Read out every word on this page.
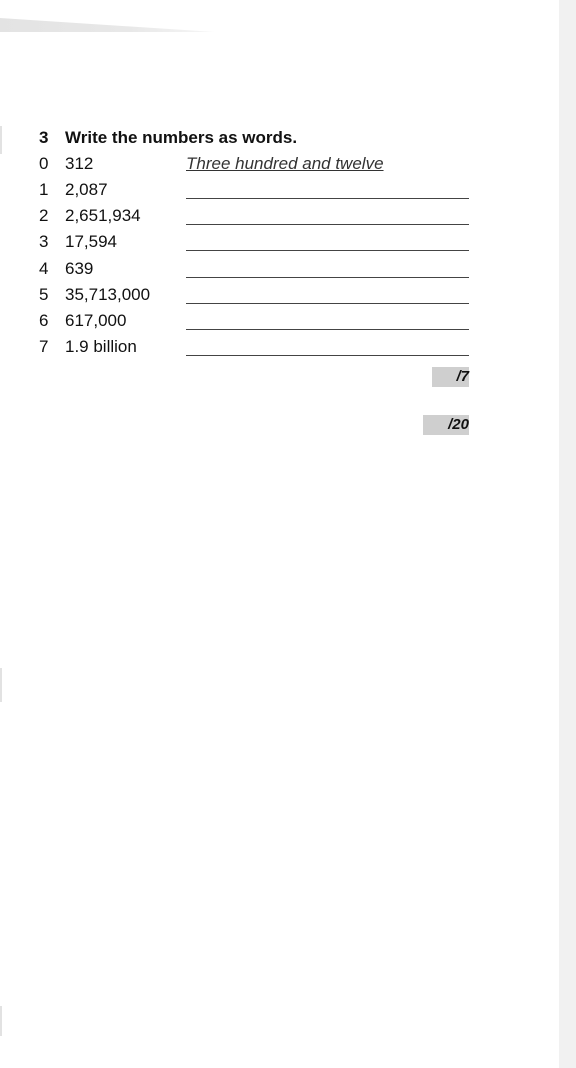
3 Write the numbers as words.
0 312	Three hundred and twelve
1 2,087
2 2,651,934
3 17,594
4 639
5 35,713,000
6 617,000
7 1.9 billion
/7
/20
